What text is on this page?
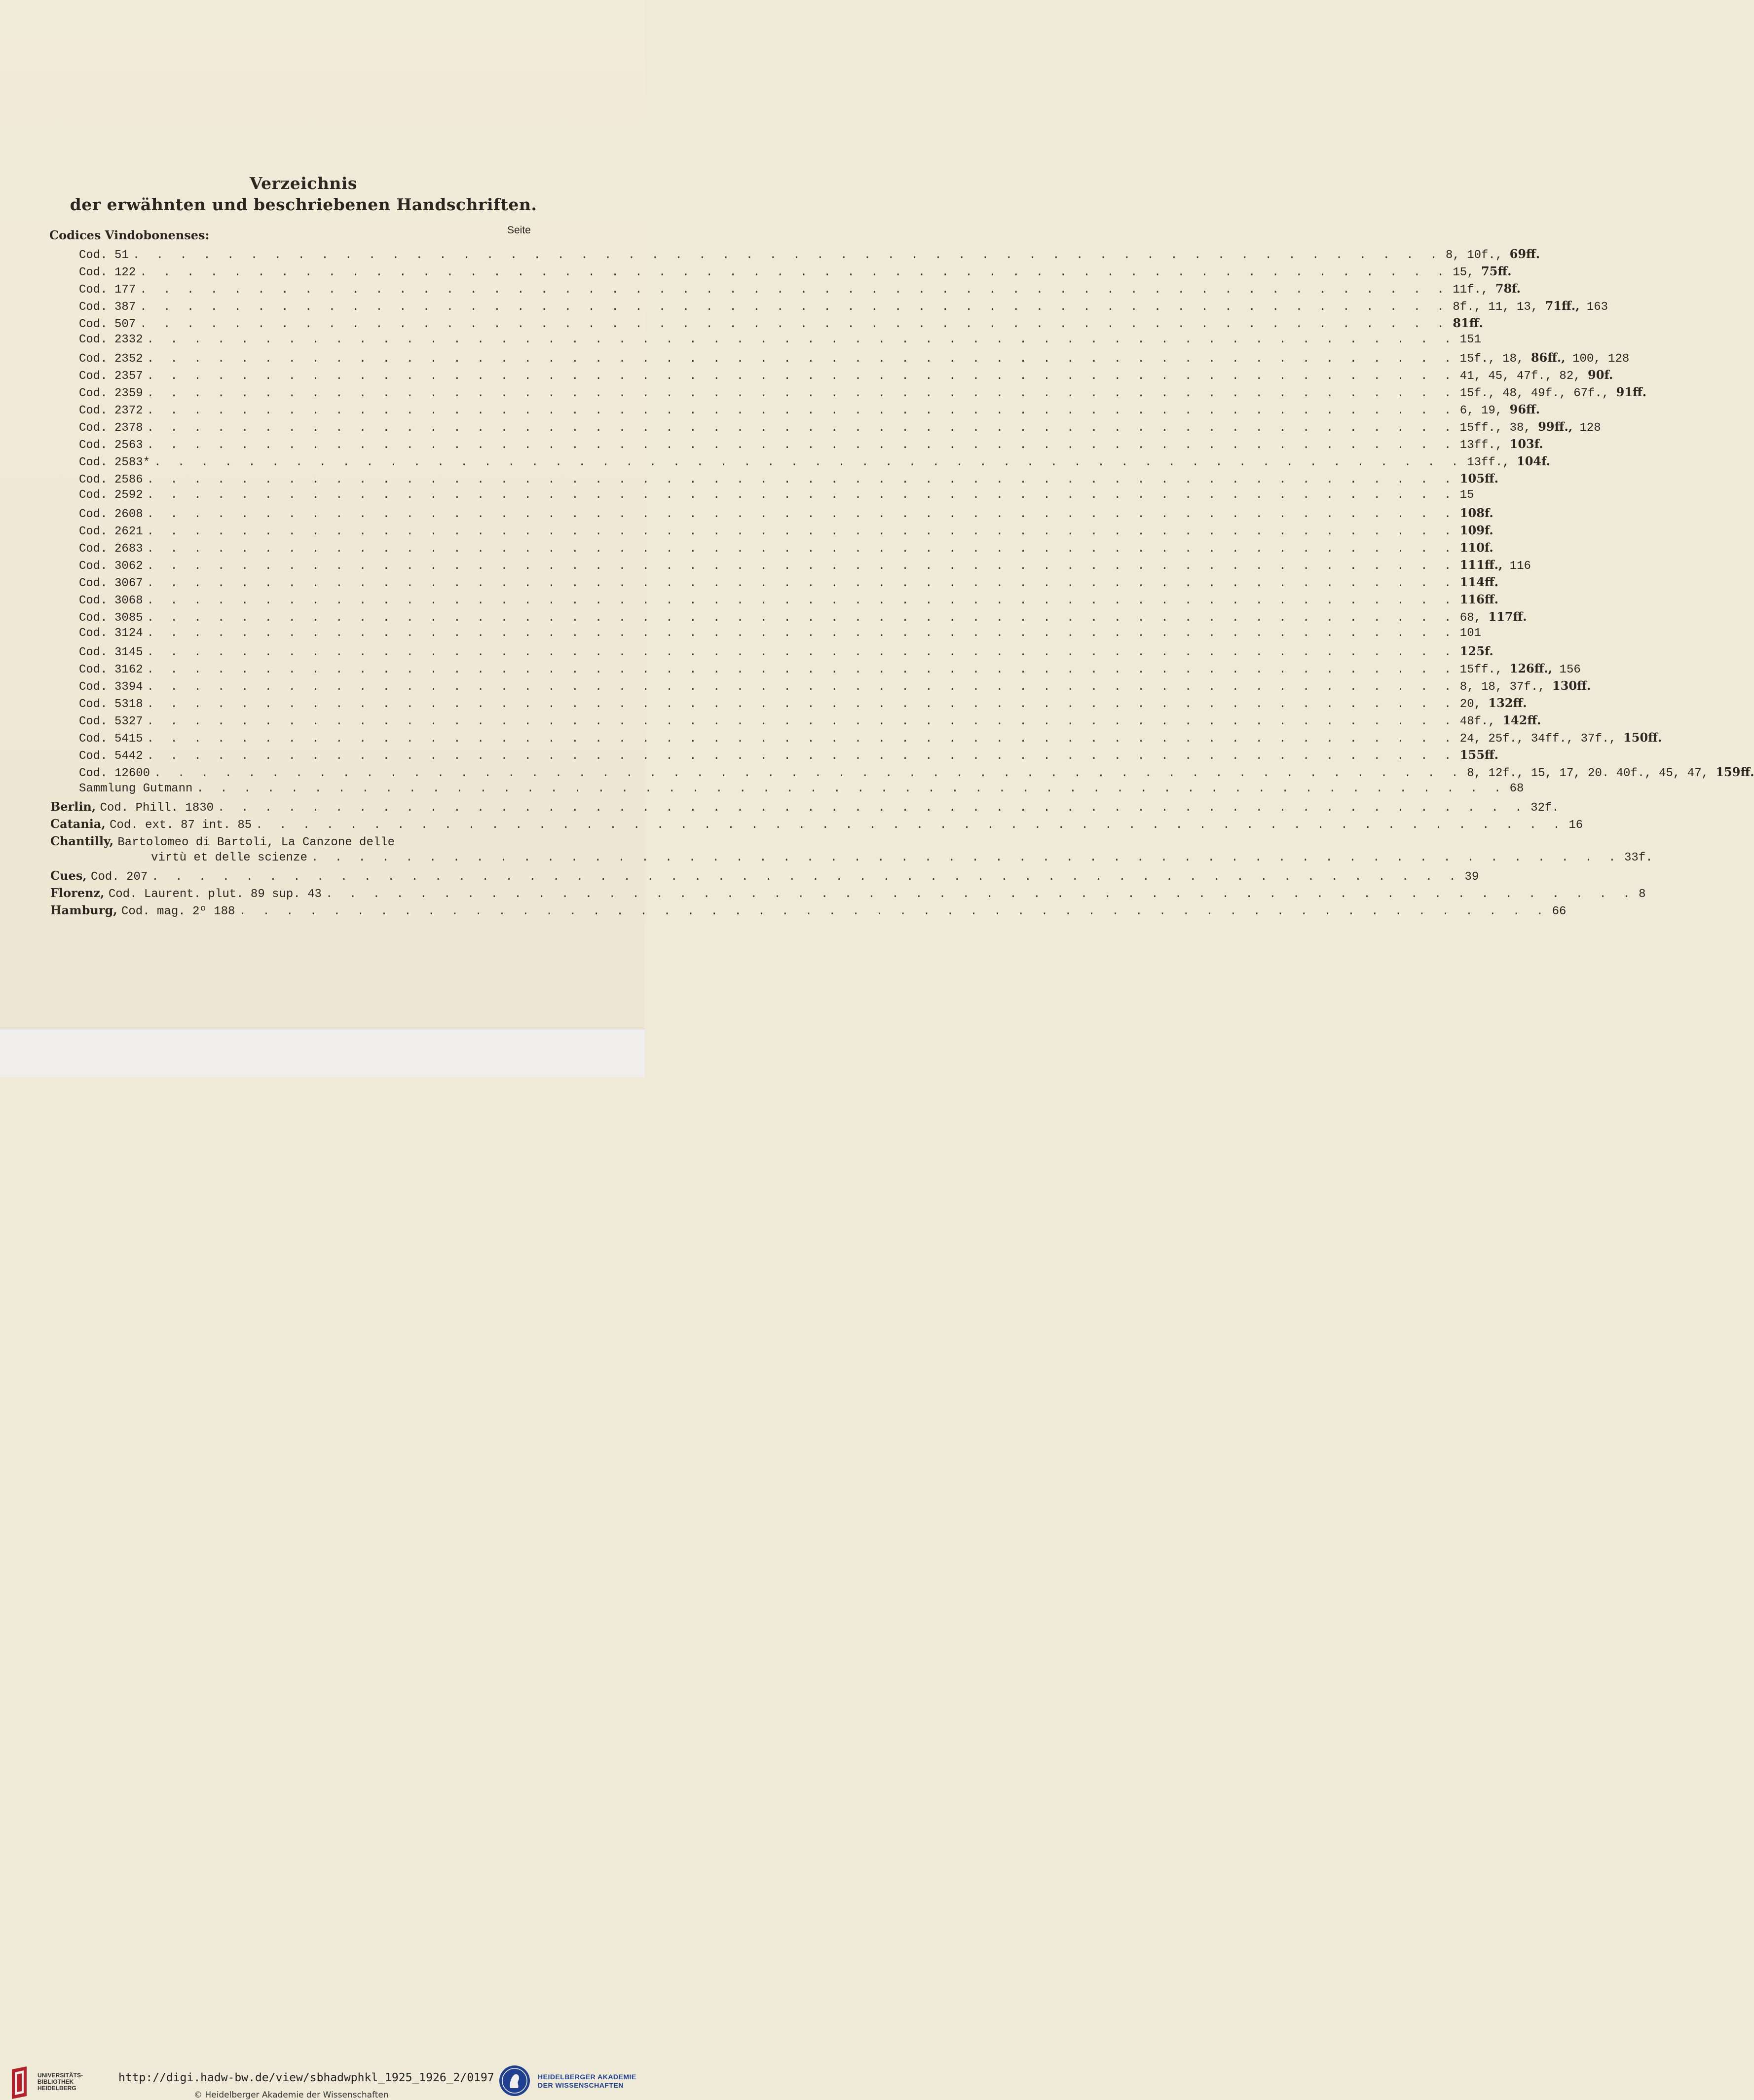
Verzeichnis
der erwähnten und beschriebenen Handschriften.
Codices Vindobonenses:	Seite
Cod. 51 . . . . . . . . . . . . . . . . . . . . . . . . . . . . . . . . . . . . . . . . . . . . . . . . . . . . . . . . 8, 10f., 69ff.
Cod. 122 . . . . . . . . . . . . . . . . . . . . . . . . . . . . . . . . . . . . . . . . . . . . . . . . . . . . . . . . 15, 75ff.
Cod. 177 . . . . . . . . . . . . . . . . . . . . . . . . . . . . . . . . . . . . . . . . . . . . . . . . . . . . . . . . 11f., 78f.
Cod. 387 . . . . . . . . . . . . . . . . . . . . . . . . . . . . . . . . . . . . . . . . . . . . . . . . . . . . . . . . 8f., 11, 13, 71ff., 163
Cod. 507 . . . . . . . . . . . . . . . . . . . . . . . . . . . . . . . . . . . . . . . . . . . . . . . . . . . . . . . . 81ff.
Cod. 2332 . . . . . . . . . . . . . . . . . . . . . . . . . . . . . . . . . . . . . . . . . . . . . . . . . . . . . . . . 151
Cod. 2352 . . . . . . . . . . . . . . . . . . . . . . . . . . . . . . . . . . . . . . . . . . . . . . . . . . . . . . . . 15f., 18, 86ff., 100, 128
Cod. 2357 . . . . . . . . . . . . . . . . . . . . . . . . . . . . . . . . . . . . . . . . . . . . . . . . . . . . . . . . 41, 45, 47f., 82, 90f.
Cod. 2359 . . . . . . . . . . . . . . . . . . . . . . . . . . . . . . . . . . . . . . . . . . . . . . . . . . . . . . . . 15f., 48, 49f., 67f., 91ff.
Cod. 2372 . . . . . . . . . . . . . . . . . . . . . . . . . . . . . . . . . . . . . . . . . . . . . . . . . . . . . . . . 6, 19, 96ff.
Cod. 2378 . . . . . . . . . . . . . . . . . . . . . . . . . . . . . . . . . . . . . . . . . . . . . . . . . . . . . . . . 15ff., 38, 99ff., 128
Cod. 2563 . . . . . . . . . . . . . . . . . . . . . . . . . . . . . . . . . . . . . . . . . . . . . . . . . . . . . . . . 13ff., 103f.
Cod. 2583* . . . . . . . . . . . . . . . . . . . . . . . . . . . . . . . . . . . . . . . . . . . . . . . . . . . . . . . . 13ff., 104f.
Cod. 2586 . . . . . . . . . . . . . . . . . . . . . . . . . . . . . . . . . . . . . . . . . . . . . . . . . . . . . . . . 105ff.
Cod. 2592 . . . . . . . . . . . . . . . . . . . . . . . . . . . . . . . . . . . . . . . . . . . . . . . . . . . . . . . . 15
Cod. 2608 . . . . . . . . . . . . . . . . . . . . . . . . . . . . . . . . . . . . . . . . . . . . . . . . . . . . . . . . 108f.
Cod. 2621 . . . . . . . . . . . . . . . . . . . . . . . . . . . . . . . . . . . . . . . . . . . . . . . . . . . . . . . . 109f.
Cod. 2683 . . . . . . . . . . . . . . . . . . . . . . . . . . . . . . . . . . . . . . . . . . . . . . . . . . . . . . . . 110f.
Cod. 3062 . . . . . . . . . . . . . . . . . . . . . . . . . . . . . . . . . . . . . . . . . . . . . . . . . . . . . . . . 111ff., 116
Cod. 3067 . . . . . . . . . . . . . . . . . . . . . . . . . . . . . . . . . . . . . . . . . . . . . . . . . . . . . . . . 114ff.
Cod. 3068 . . . . . . . . . . . . . . . . . . . . . . . . . . . . . . . . . . . . . . . . . . . . . . . . . . . . . . . . 116ff.
Cod. 3085 . . . . . . . . . . . . . . . . . . . . . . . . . . . . . . . . . . . . . . . . . . . . . . . . . . . . . . . . 68, 117ff.
Cod. 3124 . . . . . . . . . . . . . . . . . . . . . . . . . . . . . . . . . . . . . . . . . . . . . . . . . . . . . . . . 101
Cod. 3145 . . . . . . . . . . . . . . . . . . . . . . . . . . . . . . . . . . . . . . . . . . . . . . . . . . . . . . . . 125f.
Cod. 3162 . . . . . . . . . . . . . . . . . . . . . . . . . . . . . . . . . . . . . . . . . . . . . . . . . . . . . . . . 15ff., 126ff., 156
Cod. 3394 . . . . . . . . . . . . . . . . . . . . . . . . . . . . . . . . . . . . . . . . . . . . . . . . . . . . . . . . 8, 18, 37f., 130ff.
Cod. 5318 . . . . . . . . . . . . . . . . . . . . . . . . . . . . . . . . . . . . . . . . . . . . . . . . . . . . . . . . 20, 132ff.
Cod. 5327 . . . . . . . . . . . . . . . . . . . . . . . . . . . . . . . . . . . . . . . . . . . . . . . . . . . . . . . . 48f., 142ff.
Cod. 5415 . . . . . . . . . . . . . . . . . . . . . . . . . . . . . . . . . . . . . . . . . . . . . . . . . . . . . . . . 24, 25f., 34ff., 37f., 150ff.
Cod. 5442 . . . . . . . . . . . . . . . . . . . . . . . . . . . . . . . . . . . . . . . . . . . . . . . . . . . . . . . . 155ff.
Cod. 12600 . . . . . . . . . . . . . . . . . . . . . . . . . . . . . . . . . . . . . . . . . . . . . . . . . . . . . . . . 8, 12f., 15, 17, 20. 40f., 45, 47, 159ff.
Sammlung Gutmann . . . . . . . . . . . . . . . . . . . . . . . . . . . . . . . . . . . . . . . . . . . . . . . . . . . . . . . . 68
Berlin, Cod. Phill. 1830 . . . . . . . . . . . . . . . . . . . . . . . . . . . . . . . . . . . . . . . . . . . . . . . . . . . . . . . . 32f.
Catania, Cod. ext. 87 int. 85 . . . . . . . . . . . . . . . . . . . . . . . . . . . . . . . . . . . . . . . . . . . . . . . . . . . . . . . . 16
Chantilly, Bartolomeo di Bartoli, La Canzone delle
virtù et delle scienze . . . . . . . . . . . . . . . . . . . . . . . . . . . . . . . . . . . . . . . . . . . . . . . . . . . . . . . . 33f.
Cues, Cod. 207 . . . . . . . . . . . . . . . . . . . . . . . . . . . . . . . . . . . . . . . . . . . . . . . . . . . . . . . . 39
Florenz, Cod. Laurent. plut. 89 sup. 43 . . . . . . . . . . . . . . . . . . . . . . . . . . . . . . . . . . . . . . . . . . . . . . . . . . . . . . . . 8
Hamburg, Cod. mag. 2º 188 . . . . . . . . . . . . . . . . . . . . . . . . . . . . . . . . . . . . . . . . . . . . . . . . . . . . . . . . 66
UNIVERSITÄTS-
BIBLIOTHEK
HEIDELBERG
http://digi.hadw-bw.de/view/sbhadwphkl_1925_1926_2/0197
© Heidelberger Akademie der Wissenschaften
HEIDELBERGER AKADEMIE
DER WISSENSCHAFTEN
